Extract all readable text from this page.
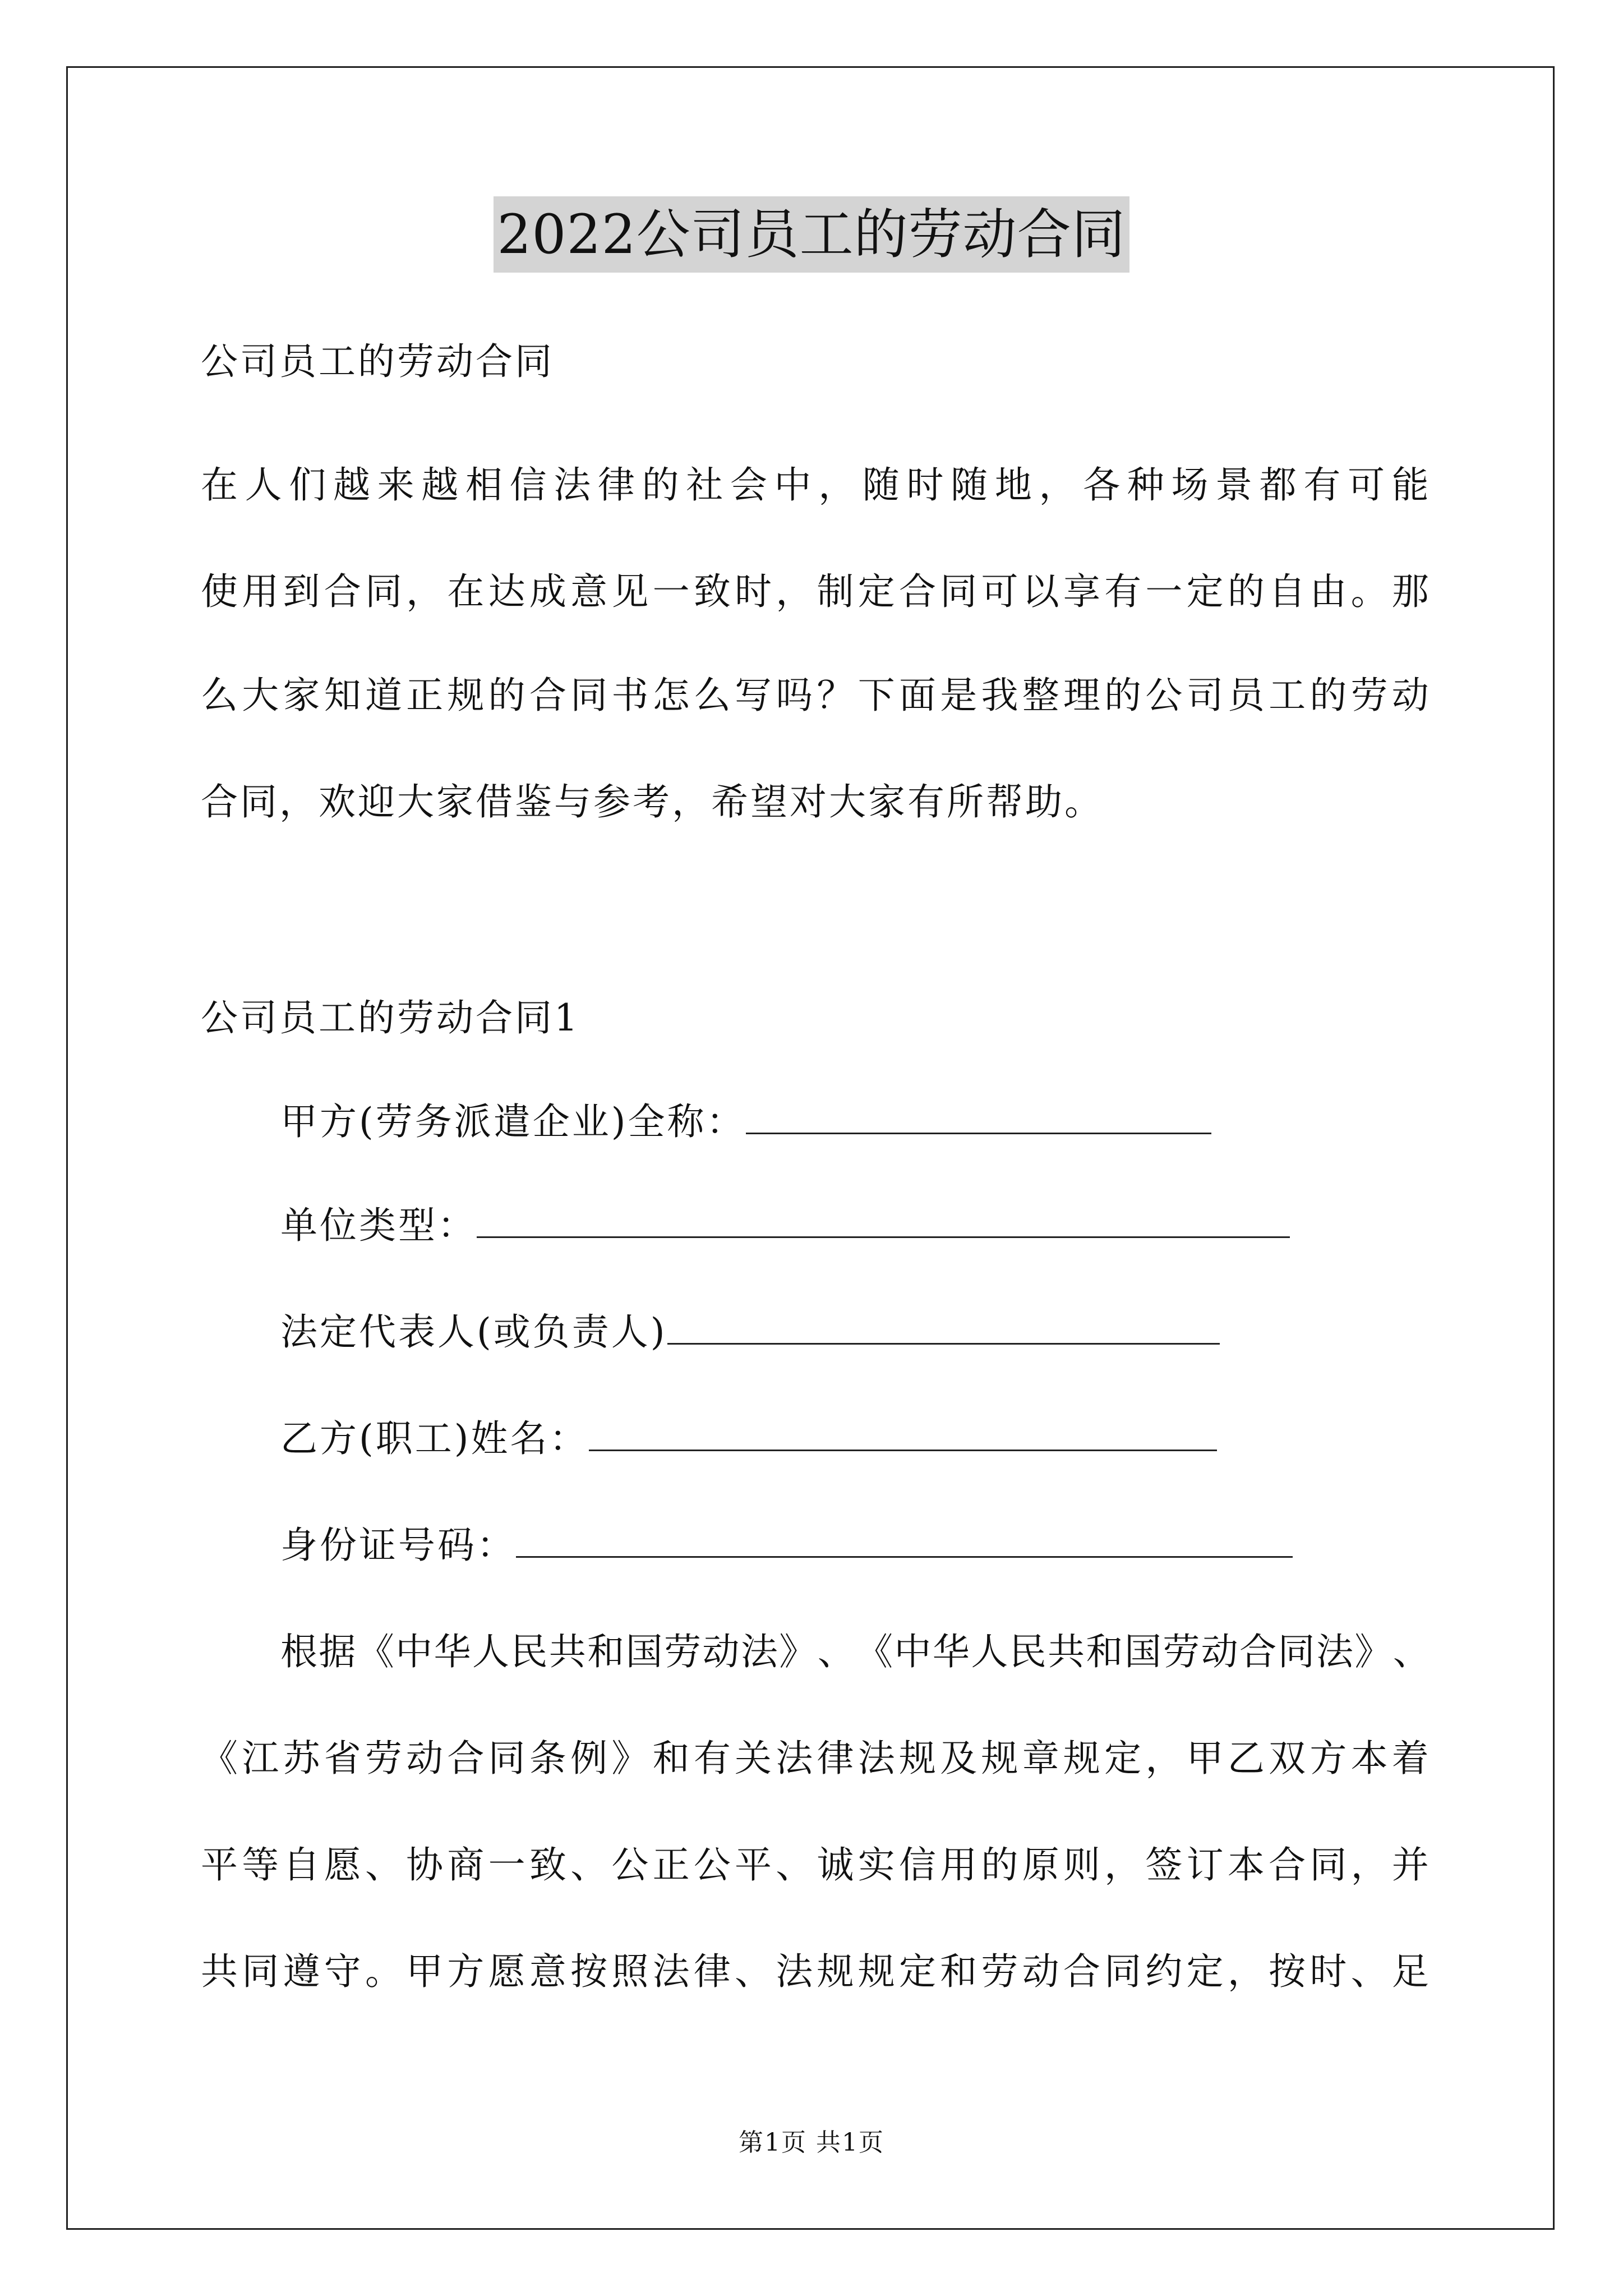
2022公司员工的劳动合同
公司员工的劳动合同
在 人 们 越 来 越 相 信 法 律 的 社 会 中 ， 随 时 随 地 ， 各 种 场 景 都 有 可 能
使 用 到 合 同 ， 在 达 成 意 见 一 致 时 ， 制 定 合 同 可 以 享 有 一 定 的 自 由 。 那
么 大 家 知 道 正 规 的 合 同 书 怎 么 写 吗 ？ 下 面 是 我 整 理 的 公 司 员 工 的 劳 动
合同，欢迎大家借鉴与参考，希望对大家有所帮助。
公司员工的劳动合同1
甲方(劳务派遣企业)全称：
单位类型：
法定代表人(或负责人)
乙方(职工)姓名：
身份证号码：
根 据 《 中 华 人 民 共 和 国 劳 动 法 》 、 《 中 华 人 民 共 和 国 劳 动 合 同 法 》 、
《 江 苏 省 劳 动 合 同 条 例 》 和 有 关 法 律 法 规 及 规 章 规 定 ， 甲 乙 双 方 本 着
平 等 自 愿 、 协 商 一 致 、 公 正 公 平 、 诚 实 信 用 的 原 则 ， 签 订 本 合 同 ， 并
共 同 遵 守 。 甲 方 愿 意 按 照 法 律 、 法 规 规 定 和 劳 动 合 同 约 定 ， 按 时 、 足
第1页 共1页
